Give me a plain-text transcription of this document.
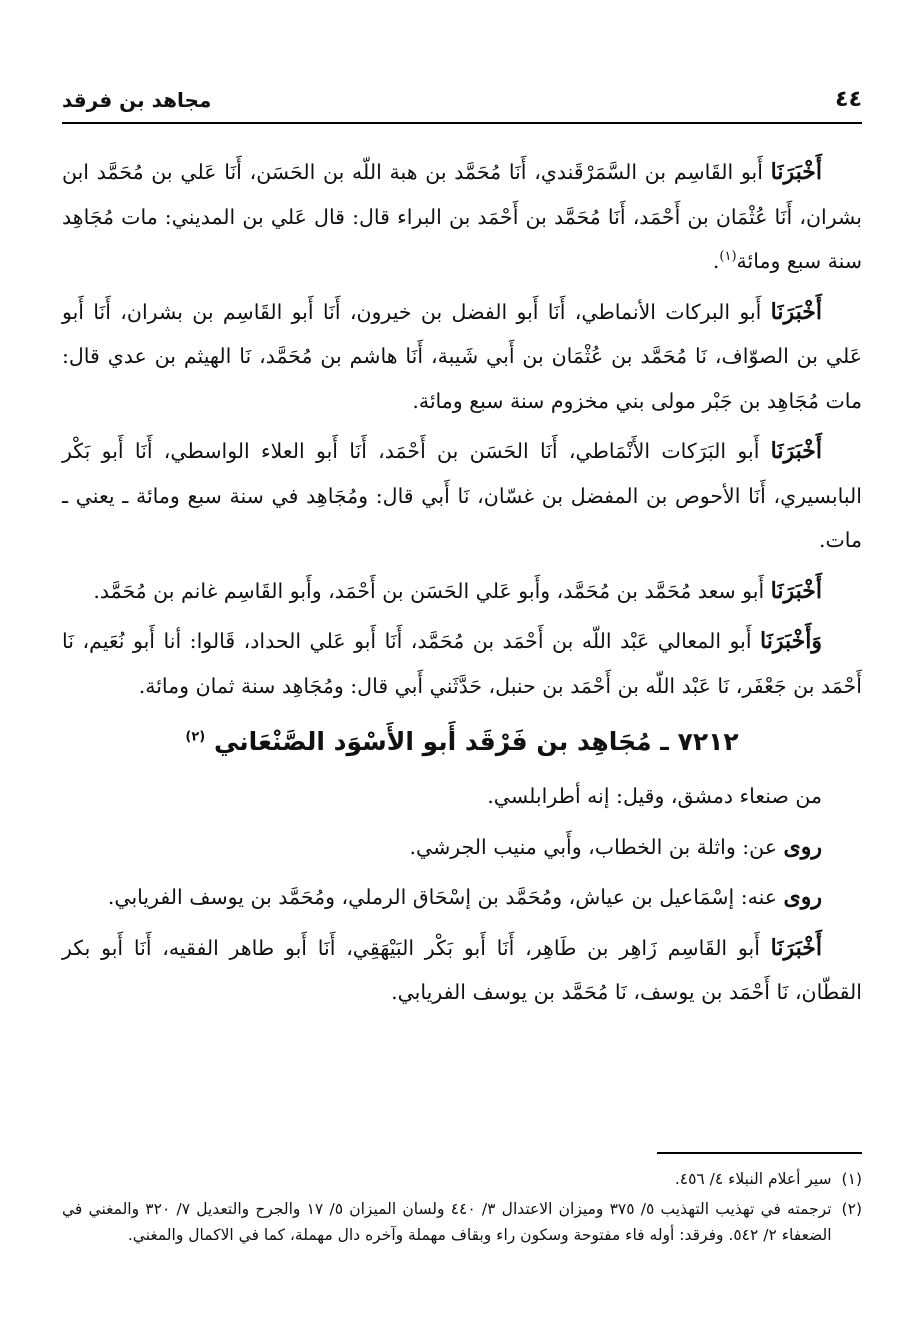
٤٤
مجاهد بن فرقد

أَخْبَرَنَا أَبو القَاسِم بن السَّمَرْقَندي، أَنَا مُحَمَّد بن هبة اللّه بن الحَسَن، أَنَا عَلي بن مُحَمَّد ابن بشران، أَنَا عُثْمَان بن أَحْمَد، أَنَا مُحَمَّد بن أَحْمَد بن البراء قال: قال عَلي بن المديني: مات مُجَاهِد سنة سبع ومائة$^{(١)}$.

أَخْبَرَنَا أَبو البركات الأنماطي، أَنَا أَبو الفضل بن خيرون، أَنَا أَبو القَاسِم بن بشران، أَنَا أَبو عَلي بن الصوّاف، نَا مُحَمَّد بن عُثْمَان بن أَبي شَيبة، أَنَا هاشم بن مُحَمَّد، نَا الهيثم بن عدي قال: مات مُجَاهِد بن جَبْر مولى بني مخزوم سنة سبع ومائة.

أَخْبَرَنَا أَبو البَرَكات الأَنْمَاطي، أَنَا الحَسَن بن أَحْمَد، أَنَا أَبو العلاء الواسطي، أَنَا أَبو بَكْر البابسيري، أَنَا الأحوص بن المفضل بن غسّان، نَا أَبي قال: ومُجَاهِد في سنة سبع ومائة ـ يعني ـ مات.

أَخْبَرَنَا أَبو سعد مُحَمَّد بن مُحَمَّد، وأَبو عَلي الحَسَن بن أَحْمَد، وأَبو القَاسِم غانم بن مُحَمَّد.

وَأَخْبَرَنَا أَبو المعالي عَبْد اللّه بن أَحْمَد بن مُحَمَّد، أَنَا أَبو عَلي الحداد، قَالوا: أنا أَبو نُعَيم، نَا أَحْمَد بن جَعْفَر، نَا عَبْد اللّه بن أَحْمَد بن حنبل، حَدَّثَني أَبي قال: ومُجَاهِد سنة ثمان ومائة.

٧٢١٢ ـ مُجَاهِد بن فَرْقَد أَبو الأَسْوَد الصَّنْعَاني $^{(٢)}$

من صنعاء دمشق، وقيل: إنه أطرابلسي.

روى عن: واثلة بن الخطاب، وأَبي منيب الجرشي.

روى عنه: إسْمَاعيل بن عياش، ومُحَمَّد بن إسْحَاق الرملي، ومُحَمَّد بن يوسف الفريابي.

أَخْبَرَنَا أَبو القَاسِم زَاهِر بن طَاهِر، أَنَا أَبو بَكْر البَيْهَقِي، أَنَا أَبو طاهر الفقيه، أَنَا أَبو بكر القطّان، نَا أَحْمَد بن يوسف، نَا مُحَمَّد بن يوسف الفريابي.

(١)
سير أعلام النبلاء ٤/ ٤٥٦.
(٢)
ترجمته في تهذيب التهذيب ٥/ ٣٧٥ وميزان الاعتدال ٣/ ٤٤٠ ولسان الميزان ٥/ ١٧ والجرح والتعديل ٧/ ٣٢٠ والمغني في الضعفاء ٢/ ٥٤٢. وفرقد: أوله فاء مفتوحة وسكون راء وبقاف مهملة وآخره دال مهملة، كما في الاكمال والمغني.
